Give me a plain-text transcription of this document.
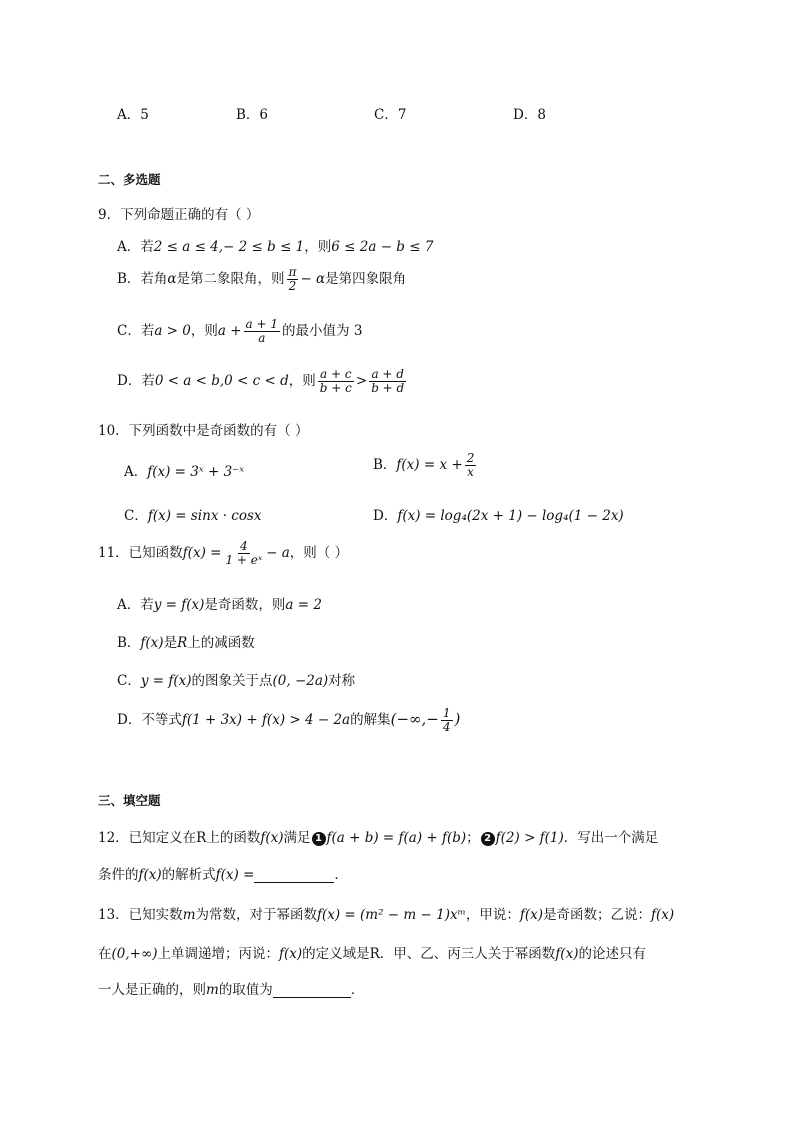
A．5	B．6	C．7	D．8
二、多选题
9．下列命题正确的有（ ）
A．若2 ≤ a ≤ 4,− 2 ≤ b ≤ 1，则6 ≤ 2a − b ≤ 7
B．若角α是第二象限角，则 $\frac{\pi}{2} - \alpha$是第四象限角
C．若a > 0，则$a + \frac{a + 1}{a}$ 的最小值为 3
D．若0 < a < b,0 < c < d，则 $\frac{a + c}{b + c} > \frac{a + d}{b + d}$
10．下列函数中是奇函数的有（ ）
A．f(x) = 3ˣ + 3⁻ˣ	B．$f(x) = x + \frac{2}{x}$
C．f(x) = sinx · cosx	D．f(x) = log₄(2x + 1) − log₄(1 − 2x)
11．已知函数$f(x) = \frac{4}{\text{1 + eˣ}} - a$，则（ ）
A．若y = f(x)是奇函数，则a = 2
B．f(x)是R上的减函数
C．y = f(x)的图象关于点(0, −2a)对称
D．不等式f(1 + 3x) + f(x) > 4 − 2a的解集(−∞,− $\frac{1}{4}$ )
三、填空题
12．已知定义在R上的函数f(x)满足 1 f(a + b) = f(a) + f(b)； 2 f(2) > f(1)．写出一个满足
条件的f(x)的解析式f(x) =	．
13．已知实数m为常数，对于幂函数f(x) = (m² − m − 1)xᵐ，甲说：f(x)是奇函数；乙说：f(x)
在(0,+∞)上单调递增；丙说：f(x)的定义域是R．甲、乙、丙三人关于幂函数f(x)的论述只有
一人是正确的，则m的取值为	．
